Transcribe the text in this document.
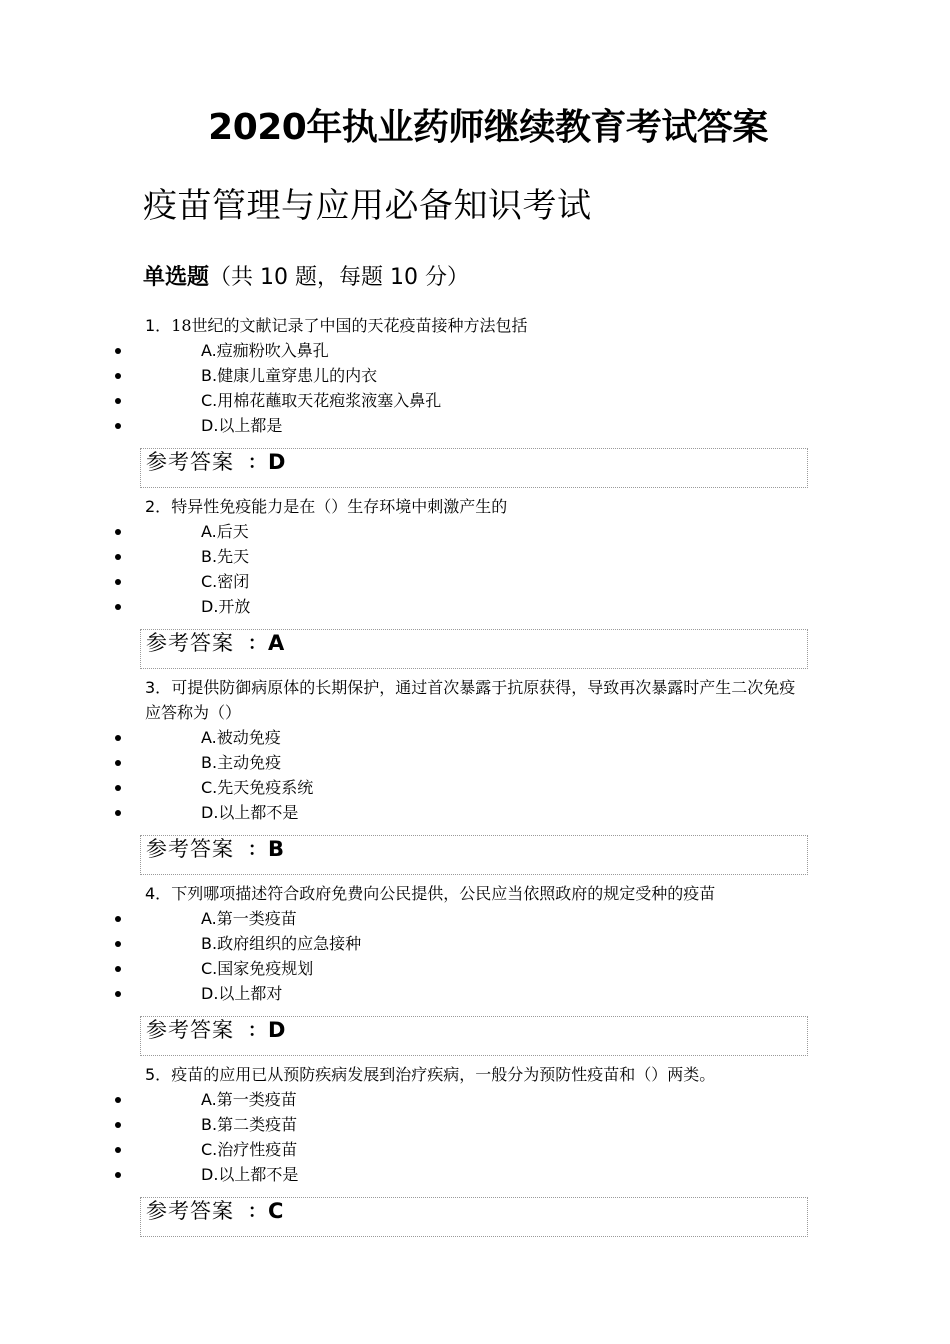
2020年执业药师继续教育考试答案
疫苗管理与应用必备知识考试
单选题（共 10 题，每题 10 分）
1．18世纪的文献记录了中国的天花疫苗接种方法包括
A.痘痂粉吹入鼻孔
B.健康儿童穿患儿的内衣
C.用棉花蘸取天花疱浆液塞入鼻孔
D.以上都是
参考答案 ： D
2．特异性免疫能力是在（）生存环境中刺激产生的
A.后天
B.先天
C.密闭
D.开放
参考答案 ： A
3．可提供防御病原体的长期保护，通过首次暴露于抗原获得，导致再次暴露时产生二次免疫应答称为（）
A.被动免疫
B.主动免疫
C.先天免疫系统
D.以上都不是
参考答案 ： B
4．下列哪项描述符合政府免费向公民提供，公民应当依照政府的规定受种的疫苗
A.第一类疫苗
B.政府组织的应急接种
C.国家免疫规划
D.以上都对
参考答案 ： D
5．疫苗的应用已从预防疾病发展到治疗疾病，一般分为预防性疫苗和（）两类。
A.第一类疫苗
B.第二类疫苗
C.治疗性疫苗
D.以上都不是
参考答案 ： C
